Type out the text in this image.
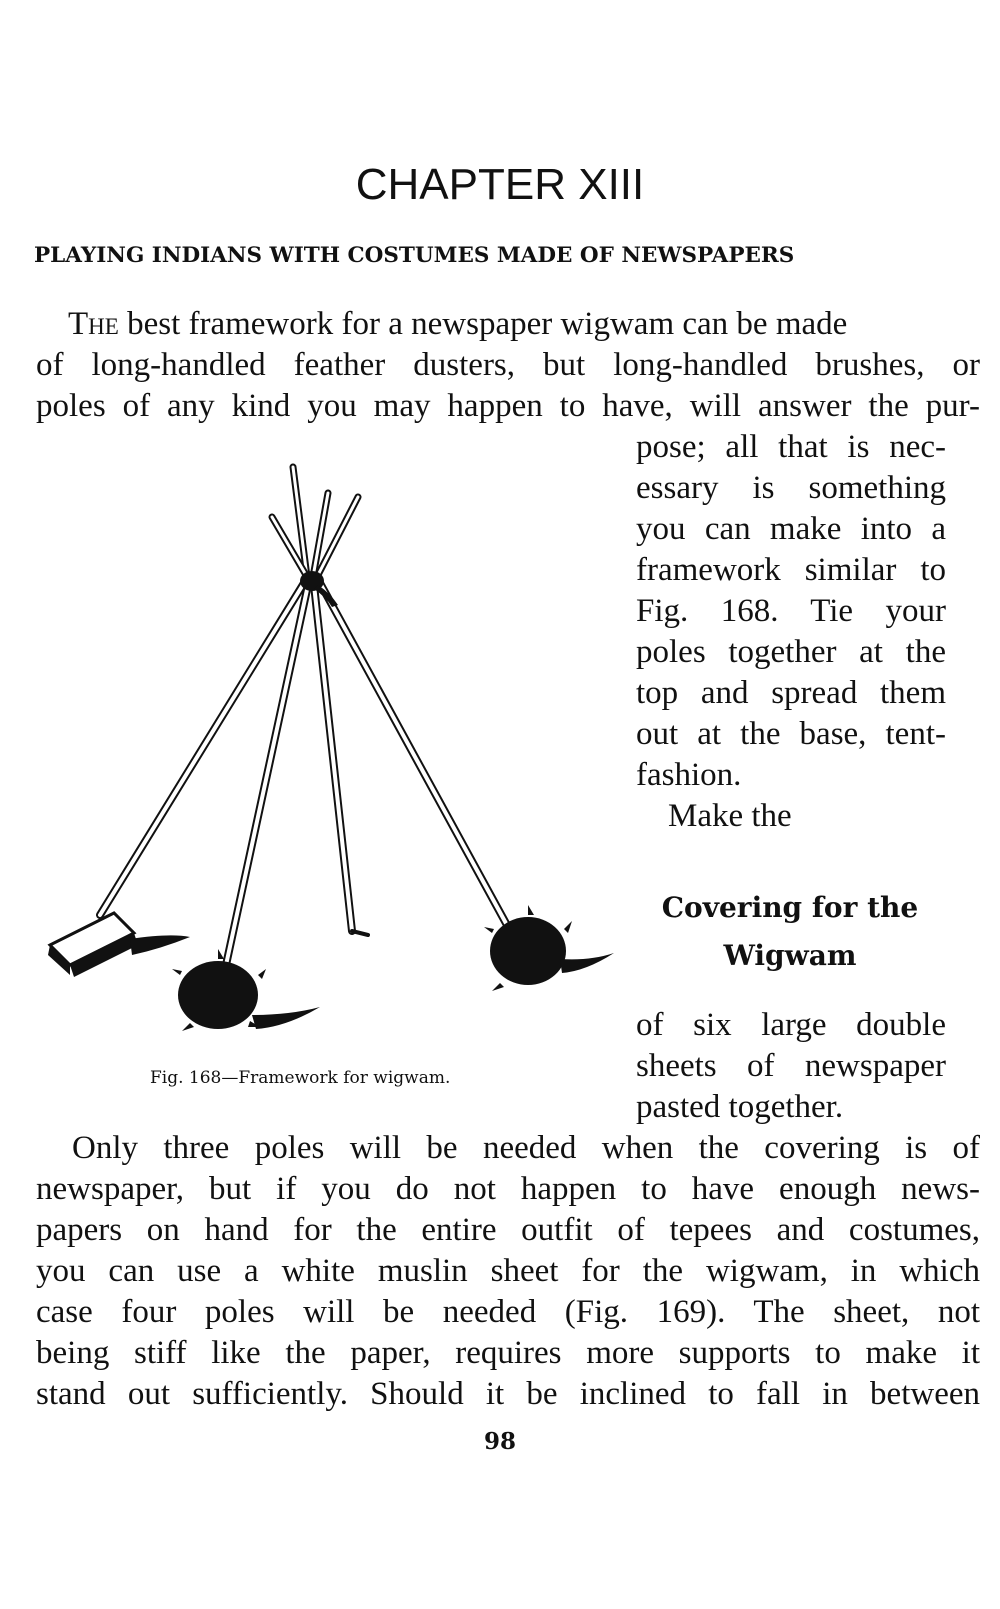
CHAPTER XIII
PLAYING INDIANS WITH COSTUMES MADE OF NEWSPAPERS
The best framework for a newspaper wigwam can be made
of long-handled feather dusters, but long-handled brushes, or
poles of any kind you may happen to have, will answer the pur-
pose; all that is nec-
essary is something
you can make into a
framework similar to
Fig. 168. Tie your
poles together at the
top and spread them
out at the base, tent-
fashion.
Make the
Covering for the
Wigwam
of six large double
sheets of newspaper
pasted together.
Fig. 168—Framework for wigwam.
Only three poles will be needed when the covering is of
newspaper, but if you do not happen to have enough news-
papers on hand for the entire outfit of tepees and costumes,
you can use a white muslin sheet for the wigwam, in which
case four poles will be needed (Fig. 169). The sheet, not
being stiff like the paper, requires more supports to make it
stand out sufficiently. Should it be inclined to fall in between
98
